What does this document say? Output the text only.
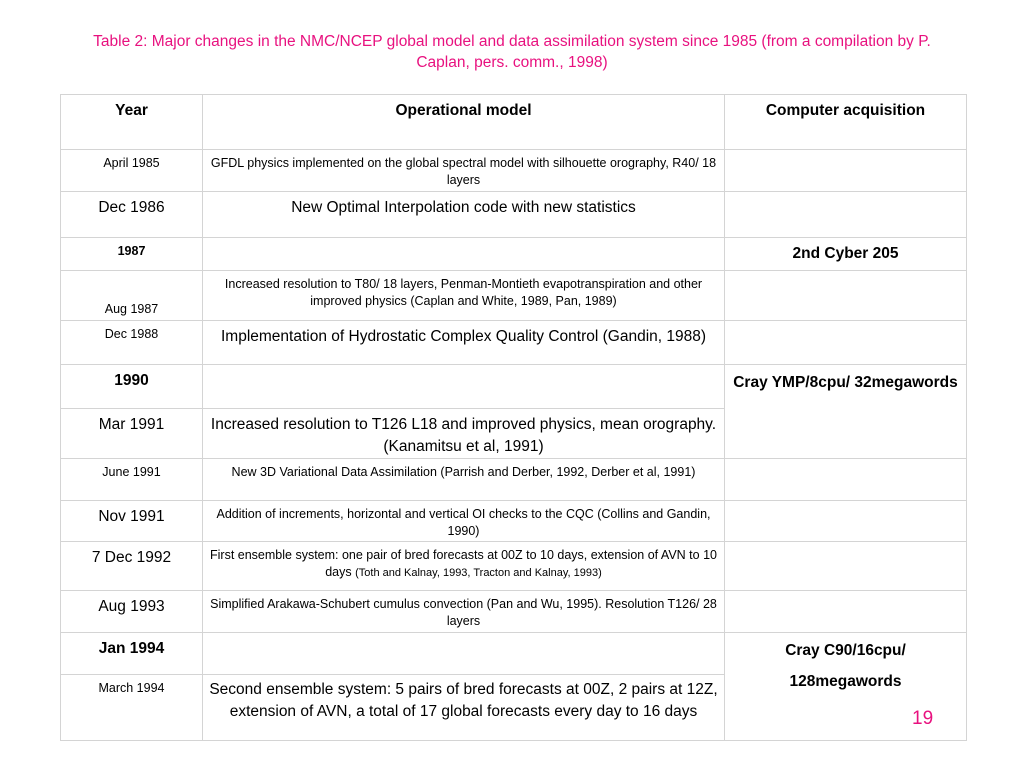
Table 2: Major changes in the NMC/NCEP global model and data assimilation system since 1985 (from a compilation by P. Caplan, pers. comm., 1998)
Year	Operational model	Computer acquisition
April 1985	GFDL physics implemented on the global spectral model with silhouette orography, R40/ 18 layers	
Dec 1986	New Optimal Interpolation code with new statistics	
1987		2nd Cyber 205
Aug 1987	Increased resolution to T80/ 18 layers, Penman-Montieth evapotranspiration and other improved physics (Caplan and White, 1989, Pan, 1989)	
Dec 1988	Implementation of Hydrostatic Complex Quality Control (Gandin, 1988)	
1990		Cray YMP/8cpu/ 32megawords
Mar 1991	Increased resolution to T126 L18 and improved physics, mean orography. (Kanamitsu et al, 1991)	
June 1991	New 3D Variational Data Assimilation (Parrish and Derber, 1992, Derber et al, 1991)	
Nov 1991	Addition of increments, horizontal and vertical OI checks to the CQC (Collins and Gandin, 1990)	
7 Dec 1992	First ensemble system: one pair of bred forecasts at 00Z to 10 days, extension of AVN to 10 days (Toth and Kalnay, 1993, Tracton and Kalnay, 1993)	
Aug 1993	Simplified Arakawa-Schubert cumulus convection (Pan and Wu, 1995). Resolution T126/ 28 layers	
Jan 1994		Cray C90/16cpu/ 128megawords
March 1994	Second ensemble system: 5 pairs of bred forecasts at 00Z, 2 pairs at 12Z, extension of AVN, a total of 17 global forecasts every day to 16 days		19
